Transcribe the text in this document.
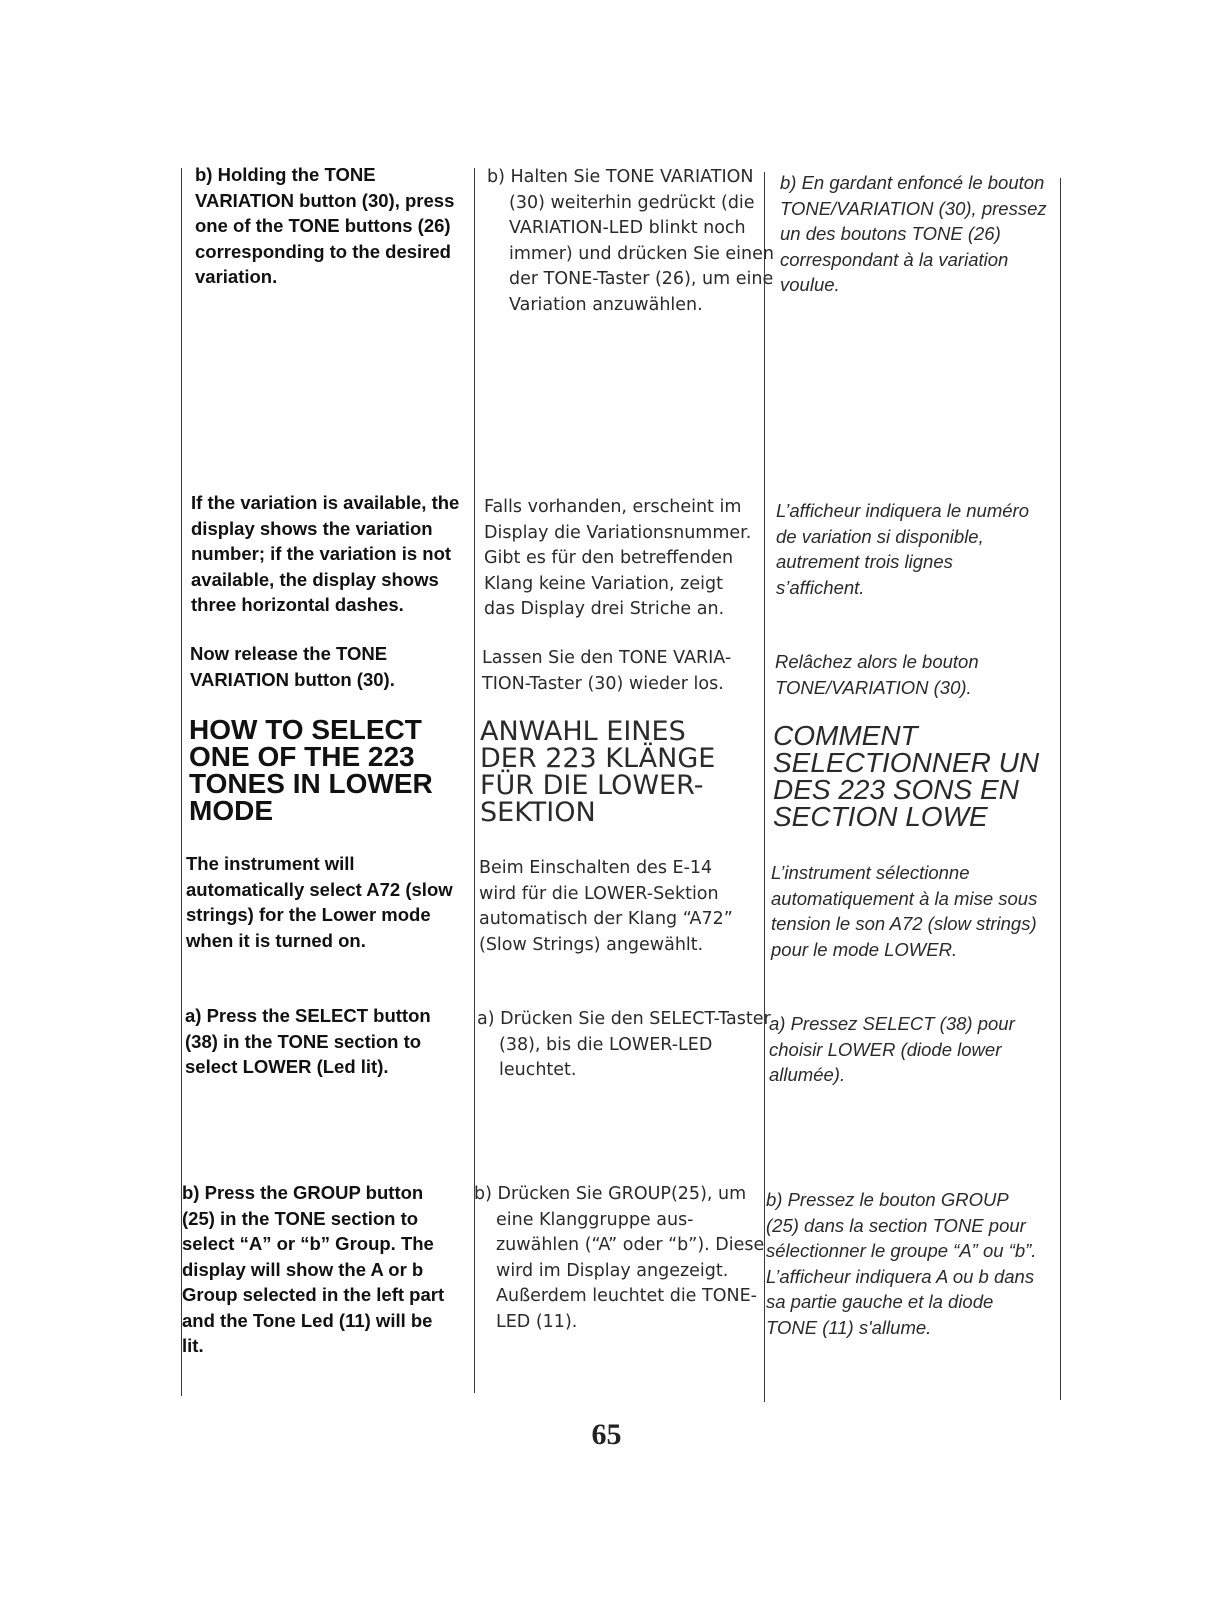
b) Holding the TONE VARIATION button (30), press one of the TONE buttons (26) corresponding to the desired variation.

If the variation is available, the display shows the variation number; if the variation is not available, the display shows three horizontal dashes.

Now release the TONE VARIATION button (30).

HOW TO SELECT ONE OF THE 223 TONES IN LOWER MODE

The instrument will automatically select A72 (slow strings) for the Lower mode when it is turned on.

a) Press the SELECT button (38) in the TONE section to select LOWER (Led lit).

b) Press the GROUP button (25) in the TONE section to select “A” or “b” Group. The display will show the A or b Group selected in the left part and the Tone Led (11) will be lit.

b) Halten Sie TONE VARIATION (30) weiterhin gedrückt (die VARIATION-LED blinkt noch immer) und drücken Sie einen der TONE-Taster (26), um eine Variation anzuwählen.

Falls vorhanden, erscheint im Display die Variationsnummer. Gibt es für den betreffenden Klang keine Variation, zeigt das Display drei Striche an.

Lassen Sie den TONE VARIA-TION-Taster (30) wieder los.

ANWAHL EINES DER 223 KLÄNGE FÜR DIE LOWER-SEKTION

Beim Einschalten des E-14 wird für die LOWER-Sektion automatisch der Klang “A72” (Slow Strings) angewählt.

a) Drücken Sie den SELECT-Taster (38), bis die LOWER-LED leuchtet.

b) Drücken Sie GROUP(25), um eine Klanggruppe aus-zuwählen (“A” oder “b”). Diese wird im Display angezeigt. Außerdem leuchtet die TONE-LED (11).

b) En gardant enfoncé le bouton TONE/VARIATION (30), pressez un des boutons TONE (26) correspondant à la variation voulue.

L’afficheur indiquera le numéro de variation si disponible, autrement trois lignes s’affichent.

Relâchez alors le bouton TONE/VARIATION (30).

COMMENT SELECTIONNER UN DES 223 SONS EN SECTION LOWE

L’instrument sélectionne automatiquement à la mise sous tension le son A72 (slow strings) pour le mode LOWER.

a) Pressez SELECT (38) pour choisir LOWER (diode lower allumée).

b) Pressez le bouton GROUP (25) dans la section TONE pour sélectionner le groupe “A” ou “b”. L’afficheur indiquera A ou b dans sa partie gauche et la diode TONE (11) s'allume.

65
